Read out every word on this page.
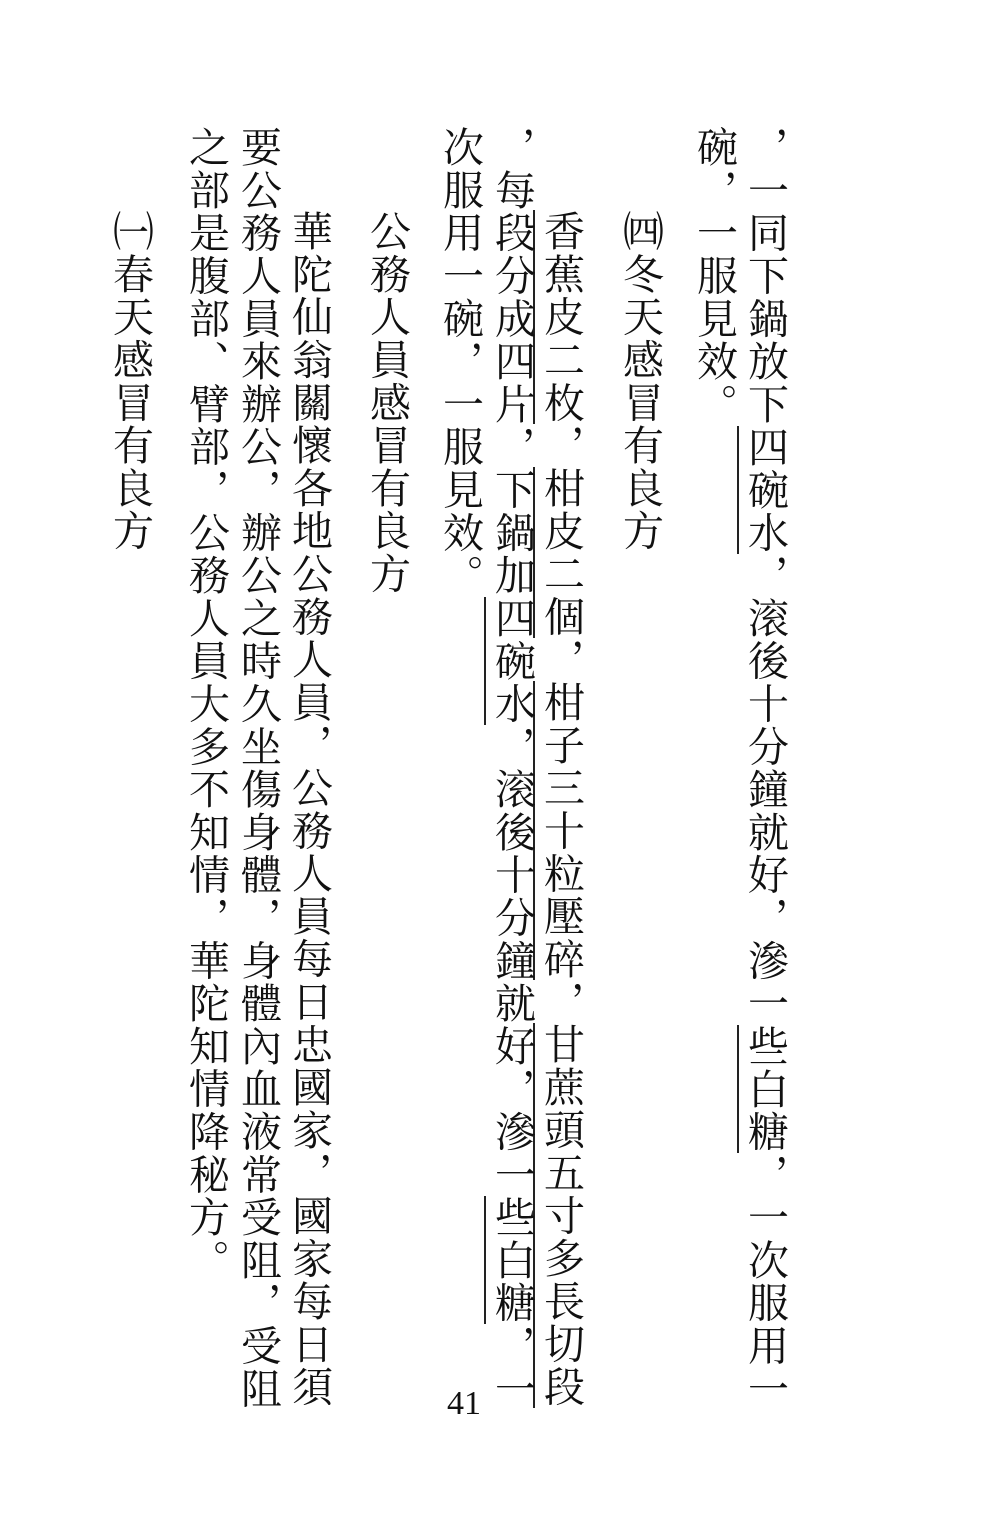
，一同下鍋放下四碗水，滚後十分鐘就好，滲一些白糖，一次服用一
碗，一服見效。
㈣冬天感冒有良方
香蕉皮二枚，柑皮二個，柑子三十粒壓碎，甘蔗頭五寸多長切段
，每段分成四片，下鍋加四碗水，滚後十分鐘就好，滲一些白糖，一
次服用一碗，一服見效。
公務人員感冒有良方
華陀仙翁關懷各地公務人員，公務人員每日忠國家，國家每日須
要公務人員來辦公，辦公之時久坐傷身體，身體內血液常受阻，受阻
之部是腹部、臂部，公務人員大多不知情，華陀知情降秘方。
㈠春天感冒有良方
41
